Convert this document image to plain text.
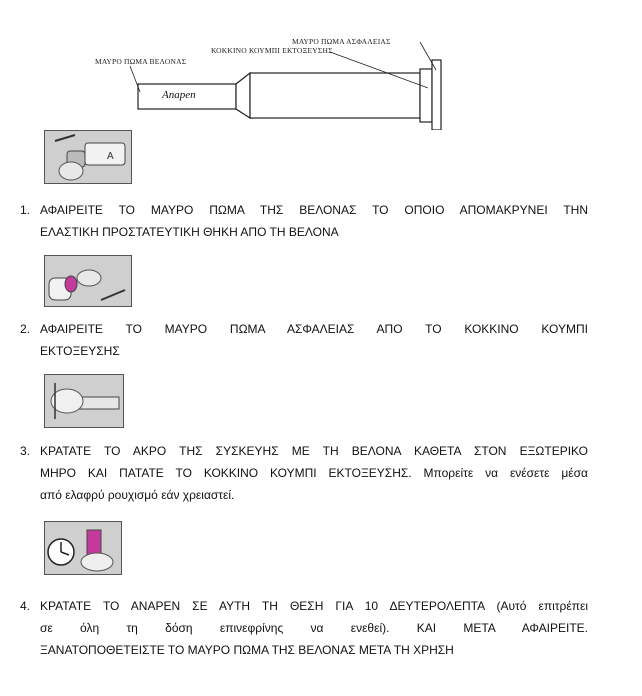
ΜΑΥΡΟ ΠΩΜΑ ΑΣΦΑΛΕΙΑΣ
ΚΟΚΚΙΝΟ ΚΟΥΜΠΙ ΕΚΤΟΞΕΥΣΗΣ
ΜΑΥΡΟ ΠΩΜΑ ΒΕΛΟΝΑΣ
Anapen
A
1. ΑΦΑΙΡΕΙΤΕ ΤΟ ΜΑΥΡΟ ΠΩΜΑ ΤΗΣ ΒΕΛΟΝΑΣ ΤΟ ΟΠΟΙΟ ΑΠΟΜΑΚΡΥΝΕΙ ΤΗΝ
ΕΛΑΣΤΙΚΗ ΠΡΟΣΤΑΤΕΥΤΙΚΗ ΘΗΚΗ ΑΠΟ ΤΗ ΒΕΛΟΝΑ
2. ΑΦΑΙΡΕΙΤΕ ΤΟ ΜΑΥΡΟ ΠΩΜΑ ΑΣΦΑΛΕΙΑΣ ΑΠΟ ΤΟ ΚΟΚΚΙΝΟ ΚΟΥΜΠΙ
ΕΚΤΟΞΕΥΣΗΣ
3. ΚΡΑΤΑΤΕ ΤΟ ΑΚΡΟ ΤΗΣ ΣΥΣΚΕΥΗΣ ΜΕ ΤΗ ΒΕΛΟΝΑ ΚΑΘΕΤΑ ΣΤΟΝ ΕΞΩΤΕΡΙΚΟ
ΜΗΡΟ ΚΑΙ ΠΑΤΑΤΕ ΤΟ ΚΟΚΚΙΝΟ ΚΟΥΜΠΙ ΕΚΤΟΞΕΥΣΗΣ. Μπορείτε να ενέσετε μέσα
από ελαφρύ ρουχισμό εάν χρειαστεί.
4. ΚΡΑΤΑΤΕ ΤΟ ΑΝΑΡΕΝ ΣΕ ΑΥΤΗ ΤΗ ΘΕΣΗ ΓΙΑ 10 ΔΕΥΤΕΡΟΛΕΠΤΑ (Αυτό επιτρέπει
σε όλη τη δόση επινεφρίνης να ενεθεί). ΚΑΙ ΜΕΤΑ ΑΦΑΙΡΕΙΤΕ.
ΞΑΝΑΤΟΠΟΘΕΤΕΙΣΤΕ ΤΟ ΜΑΥΡΟ ΠΩΜΑ ΤΗΣ ΒΕΛΟΝΑΣ ΜΕΤΑ ΤΗ ΧΡΗΣΗ
